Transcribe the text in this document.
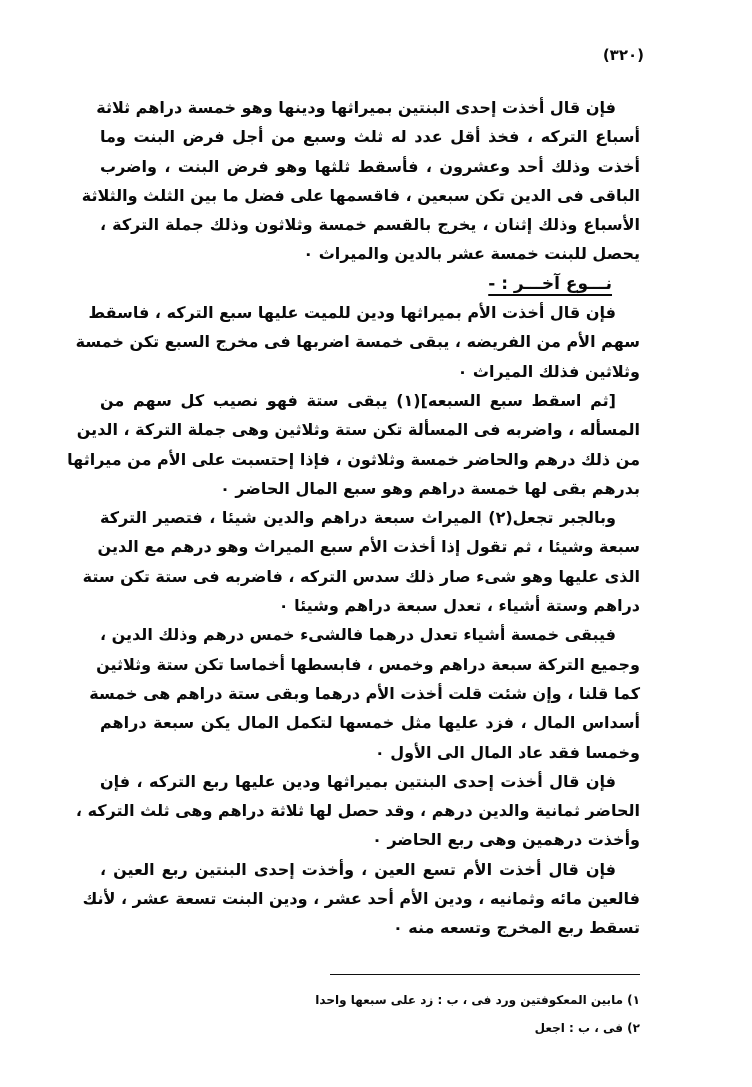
(٣٢٠)
فإن قال أخذت إحدى البنتين بميراثها ودينها وهو خمسة دراهم ثلاثة
أسباع التركه ، فخذ أقل عدد له ثلث وسبع من أجل فرض البنت وما
أخذت وذلك أحد وعشرون ، فأسقط ثلثها وهو فرض البنت ، واضرب
الباقى فى الدين تكن سبعين ، فاقسمها على فضل ما بين الثلث والثلاثة
الأسباع وذلك إثنان ، يخرج بالقسم خمسة وثلاثون وذلك جملة التركة ،
يحصل للبنت خمسة عشر بالدين والميراث ٠
نـــوع آخـــر : -
فإن قال أخذت الأم بميراثها ودين للميت عليها سبع التركه ، فاسقط
سهم الأم من الفريضه ، يبقى خمسة اضربها فى مخرج السبع تكن خمسة
وثلاثين فذلك الميراث ٠
[ثم اسقط سبع السبعه](١) يبقى ستة فهو نصيب كل سهم من
المسأله ، واضربه فى المسألة تكن ستة وثلاثين وهى جملة التركة ، الدين
من ذلك درهم والحاضر خمسة وثلاثون ، فإذا إحتسبت على الأم من ميراثها
بدرهم بقى لها خمسة دراهم وهو سبع المال الحاضر ٠
وبالجبر تجعل(٢) الميراث سبعة دراهم والدين شيئا ، فتصير التركة
سبعة وشيئا ، ثم تقول إذا أخذت الأم سبع الميراث وهو درهم مع الدين
الذى عليها وهو شىء صار ذلك سدس التركه ، فاضربه فى ستة تكن ستة
دراهم وستة أشياء ، تعدل سبعة دراهم وشيئا ٠
فيبقى خمسة أشياء تعدل درهما فالشىء خمس درهم وذلك الدين ،
وجميع التركة سبعة دراهم وخمس ، فابسطها أخماسا تكن ستة وثلاثين
كما قلنا ، وإن شئت قلت أخذت الأم درهما وبقى ستة دراهم هى خمسة
أسداس المال ، فزد عليها مثل خمسها لتكمل المال يكن سبعة دراهم
وخمسا فقد عاد المال الى الأول ٠
فإن قال أخذت إحدى البنتين بميراثها ودين عليها ربع التركه ، فإن
الحاضر ثمانية والدين درهم ، وقد حصل لها ثلاثة دراهم وهى ثلث التركه ،
وأخذت درهمين وهى ربع الحاضر ٠
فإن قال أخذت الأم تسع العين ، وأخذت إحدى البنتين ربع العين ،
فالعين مائه وثمانيه ، ودين الأم أحد عشر ، ودين البنت تسعة عشر ، لأنك
تسقط ربع المخرج وتسعه منه ٠
١) مابين المعكوفتين ورد فى ، ب : زد على سبعها واحدا
٢) فى ، ب : اجعل
